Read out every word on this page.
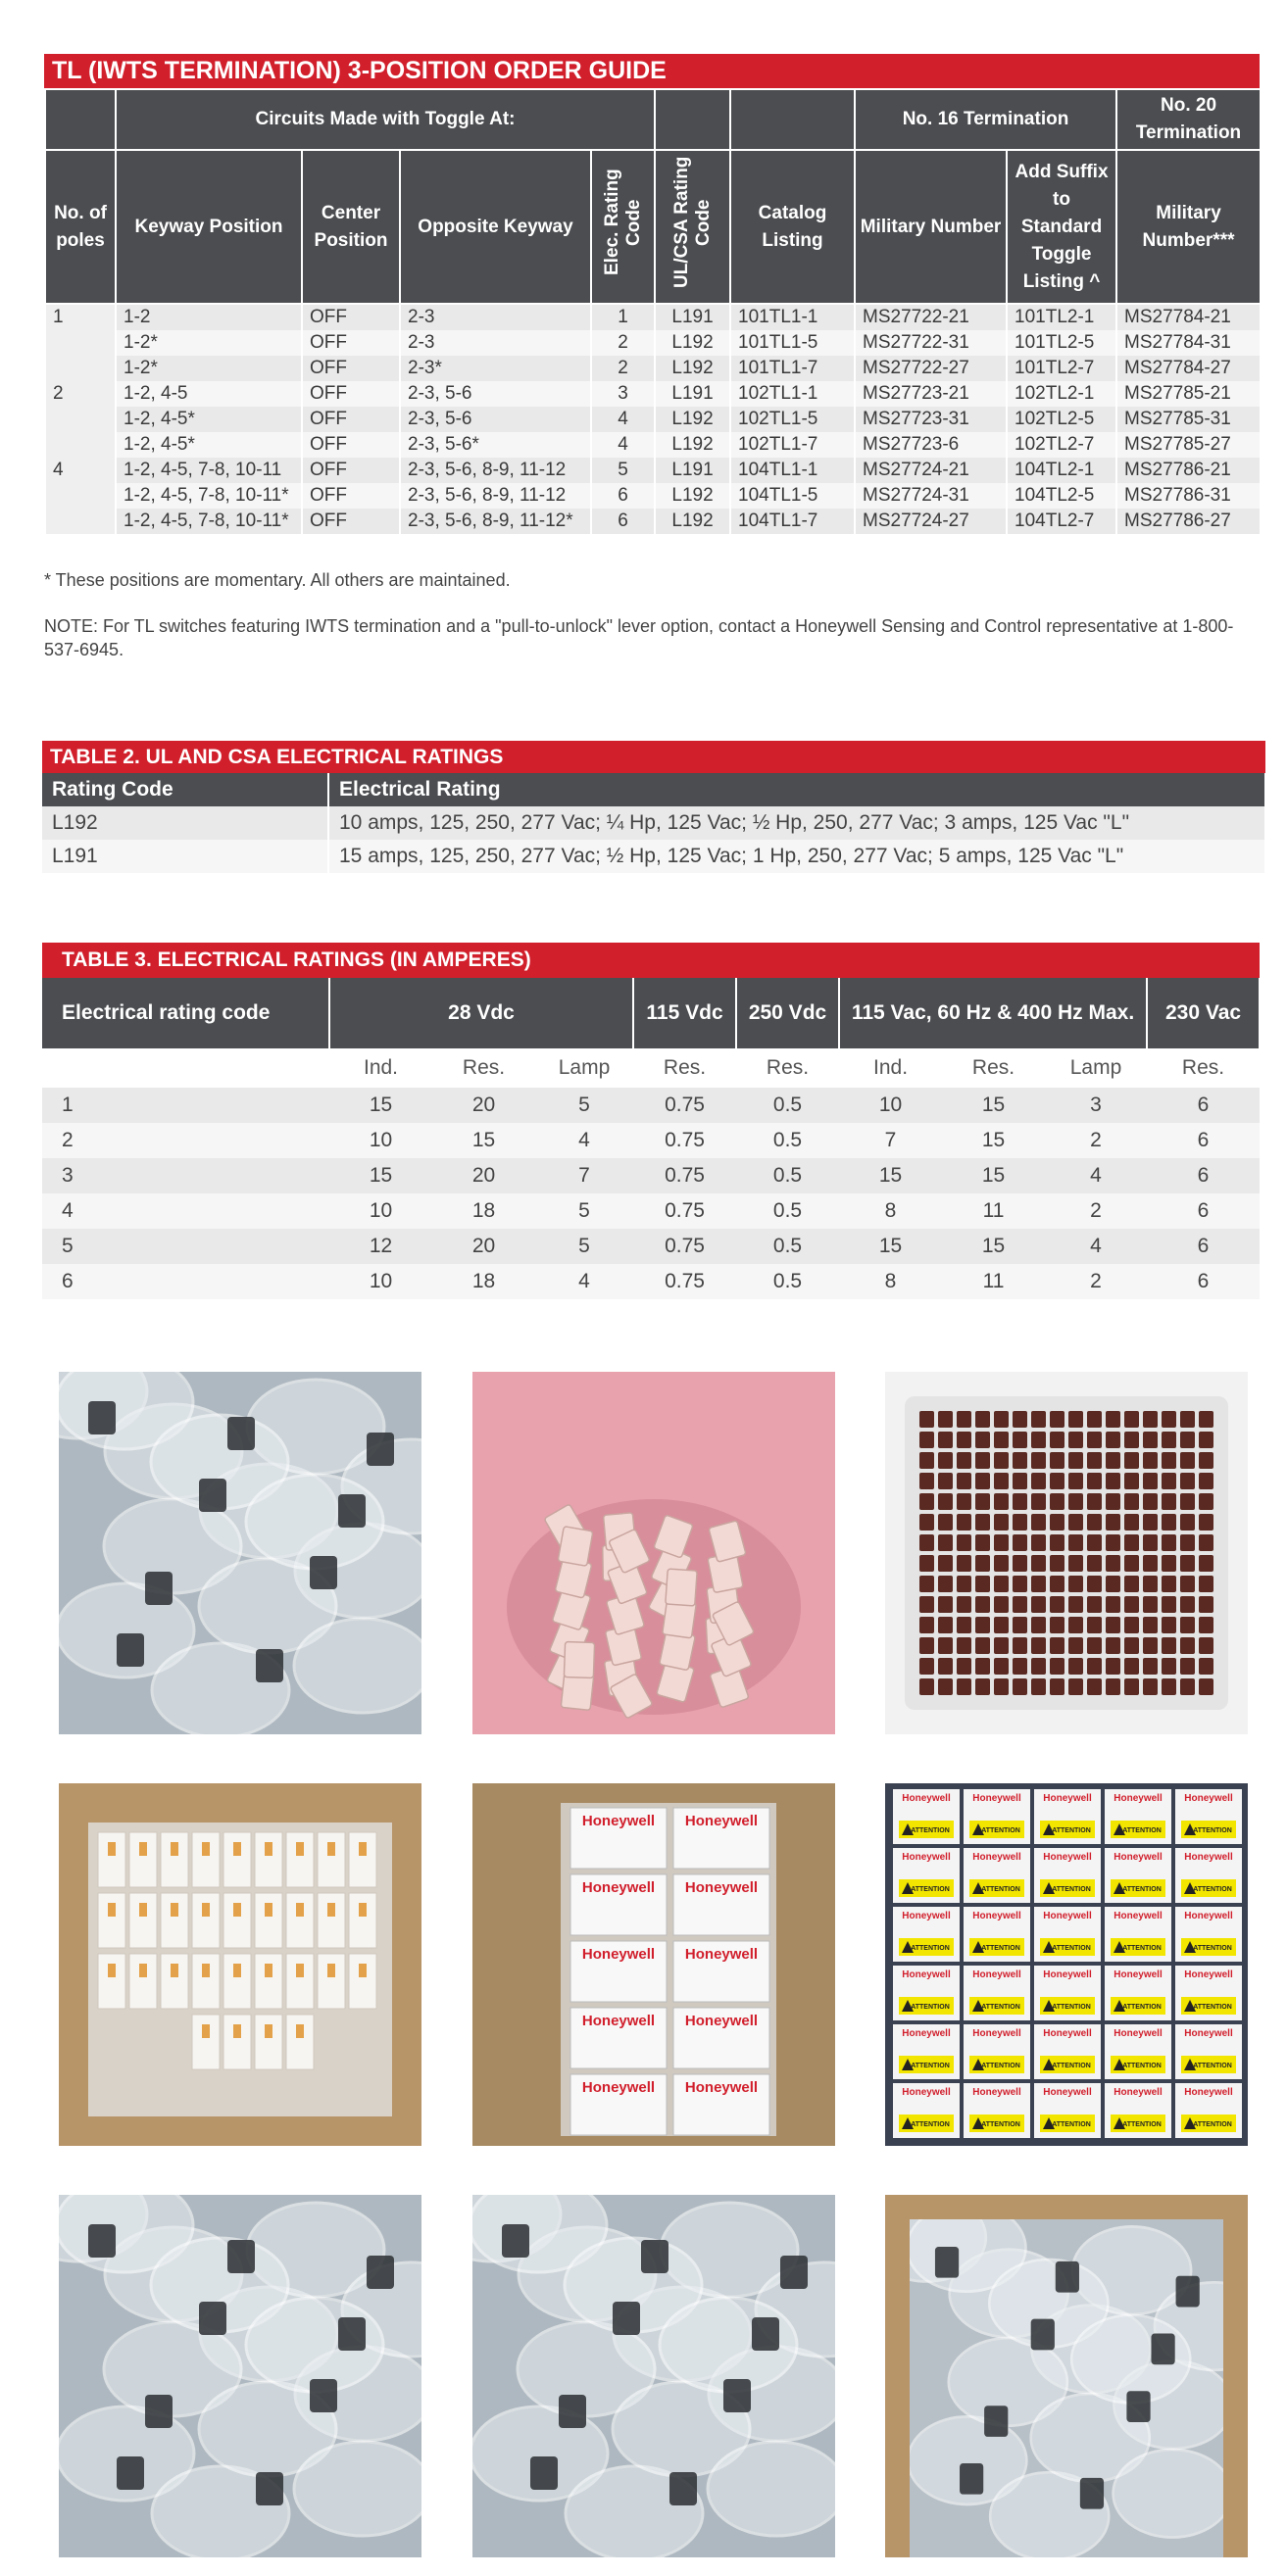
TL (IWTS TERMINATION) 3-POSITION ORDER GUIDE
	Circuits Made with Toggle At:						No. 16 Termination		No. 20 Termination
No. of poles	Keyway Position	Center Position	Opposite Keyway	Elec. Rating Code	UL/CSA Rating Code	Catalog Listing	Military Number	Add Suffix to Standard Toggle Listing ^	Military Number***
1	1-2	OFF	2-3	1	L191	101TL1-1	MS27722-21	101TL2-1	MS27784-21
	1-2*	OFF	2-3	2	L192	101TL1-5	MS27722-31	101TL2-5	MS27784-31
	1-2*	OFF	2-3*	2	L192	101TL1-7	MS27722-27	101TL2-7	MS27784-27
2	1-2, 4-5	OFF	2-3, 5-6	3	L191	102TL1-1	MS27723-21	102TL2-1	MS27785-21
	1-2, 4-5*	OFF	2-3, 5-6	4	L192	102TL1-5	MS27723-31	102TL2-5	MS27785-31
	1-2, 4-5*	OFF	2-3, 5-6*	4	L192	102TL1-7	MS27723-6	102TL2-7	MS27785-27
4	1-2, 4-5, 7-8, 10-11	OFF	2-3, 5-6, 8-9, 11-12	5	L191	104TL1-1	MS27724-21	104TL2-1	MS27786-21
	1-2, 4-5, 7-8, 10-11*	OFF	2-3, 5-6, 8-9, 11-12	6	L192	104TL1-5	MS27724-31	104TL2-5	MS27786-31
	1-2, 4-5, 7-8, 10-11*	OFF	2-3, 5-6, 8-9, 11-12*	6	L192	104TL1-7	MS27724-27	104TL2-7	MS27786-27
* These positions are momentary. All others are maintained.
NOTE: For TL switches featuring IWTS termination and a "pull-to-unlock" lever option, contact a Honeywell Sensing and Control representative at 1-800-537-6945.
TABLE 2. UL AND CSA ELECTRICAL RATINGS
Rating Code	Electrical Rating
L192	10 amps, 125, 250, 277 Vac; ¼ Hp, 125 Vac; ½ Hp, 250, 277 Vac; 3 amps, 125 Vac "L"
L191	15 amps, 125, 250, 277 Vac; ½ Hp, 125 Vac; 1 Hp, 250, 277 Vac; 5 amps, 125 Vac "L"
TABLE 3. ELECTRICAL RATINGS (IN AMPERES)
Electrical rating code	28 Vdc			115 Vdc	250 Vdc	115 Vac, 60 Hz & 400 Hz Max.			230 Vac
	Ind.	Res.	Lamp	Res.	Res.	Ind.	Res.	Lamp	Res.
1	15	20	5	0.75	0.5	10	15	3	6
2	10	15	4	0.75	0.5	7	15	2	6
3	15	20	7	0.75	0.5	15	15	4	6
4	10	18	5	0.75	0.5	8	11	2	6
5	12	20	5	0.75	0.5	15	15	4	6
6	10	18	4	0.75	0.5	8	11	2	6
Honeywell Honeywell
Honeywell Honeywell
Honeywell Honeywell
Honeywell Honeywell
Honeywell Honeywell
Honeywell
ATTENTION
Honeywell
ATTENTION
Honeywell
ATTENTION
Honeywell
ATTENTION
Honeywell
ATTENTION
Honeywell
ATTENTION
Honeywell
ATTENTION
Honeywell
ATTENTION
Honeywell
ATTENTION
Honeywell
ATTENTION
Honeywell
ATTENTION
Honeywell
ATTENTION
Honeywell
ATTENTION
Honeywell
ATTENTION
Honeywell
ATTENTION
Honeywell
ATTENTION
Honeywell
ATTENTION
Honeywell
ATTENTION
Honeywell
ATTENTION
Honeywell
ATTENTION
Honeywell
ATTENTION
Honeywell
ATTENTION
Honeywell
ATTENTION
Honeywell
ATTENTION
Honeywell
ATTENTION
Honeywell
ATTENTION
Honeywell
ATTENTION
Honeywell
ATTENTION
Honeywell
ATTENTION
Honeywell
ATTENTION
